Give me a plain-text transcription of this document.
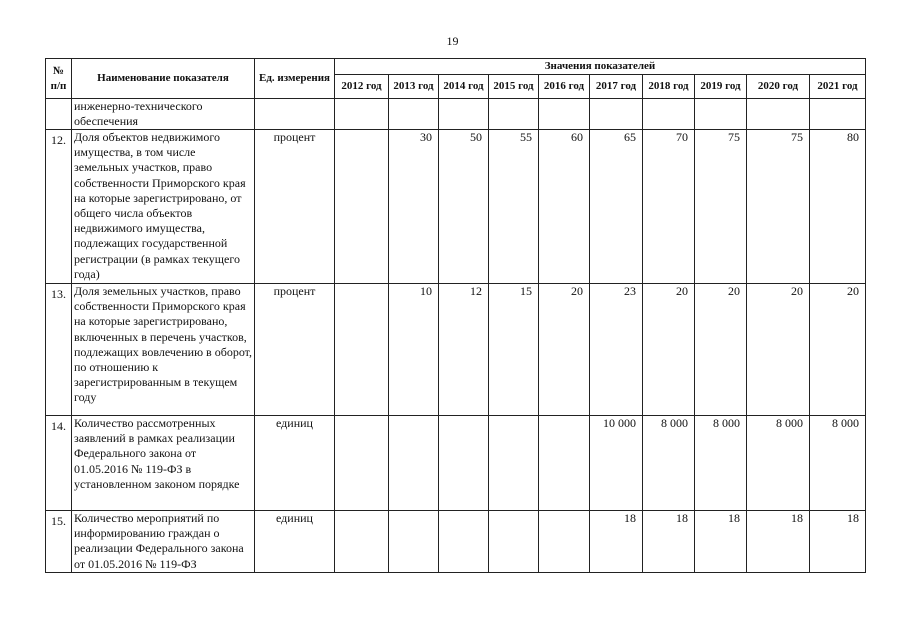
19
№
п/п	Наименование показателя	Ед. измерения	Значения показателей									
			2012 год	2013 год	2014 год	2015 год	2016 год	2017 год	2018 год	2019 год	2020 год	2021 год
	инженерно-технического обеспечения											
12.	Доля объектов недвижимого имущества, в том числе земельных участков, право собственности Приморского края на которые зарегистрировано, от общего числа объектов недвижимого имущества, подлежащих государственной регистрации (в рамках текущего года)	процент		30	50	55	60	65	70	75	75	80
13.	Доля земельных участков, право собственности Приморского края на которые зарегистрировано, включенных в перечень участков, подлежащих вовлечению в оборот, по отношению к зарегистрированным в текущем году	процент		10	12	15	20	23	20	20	20	20
14.	Количество рассмотренных заявлений в рамках реализации Федерального закона от 01.05.2016 № 119-ФЗ в установленном законом порядке	единиц						10 000	8 000	8 000	8 000	8 000
15.	Количество мероприятий по информированию граждан о реализации Федерального закона от 01.05.2016 № 119-ФЗ	единиц						18	18	18	18	18
